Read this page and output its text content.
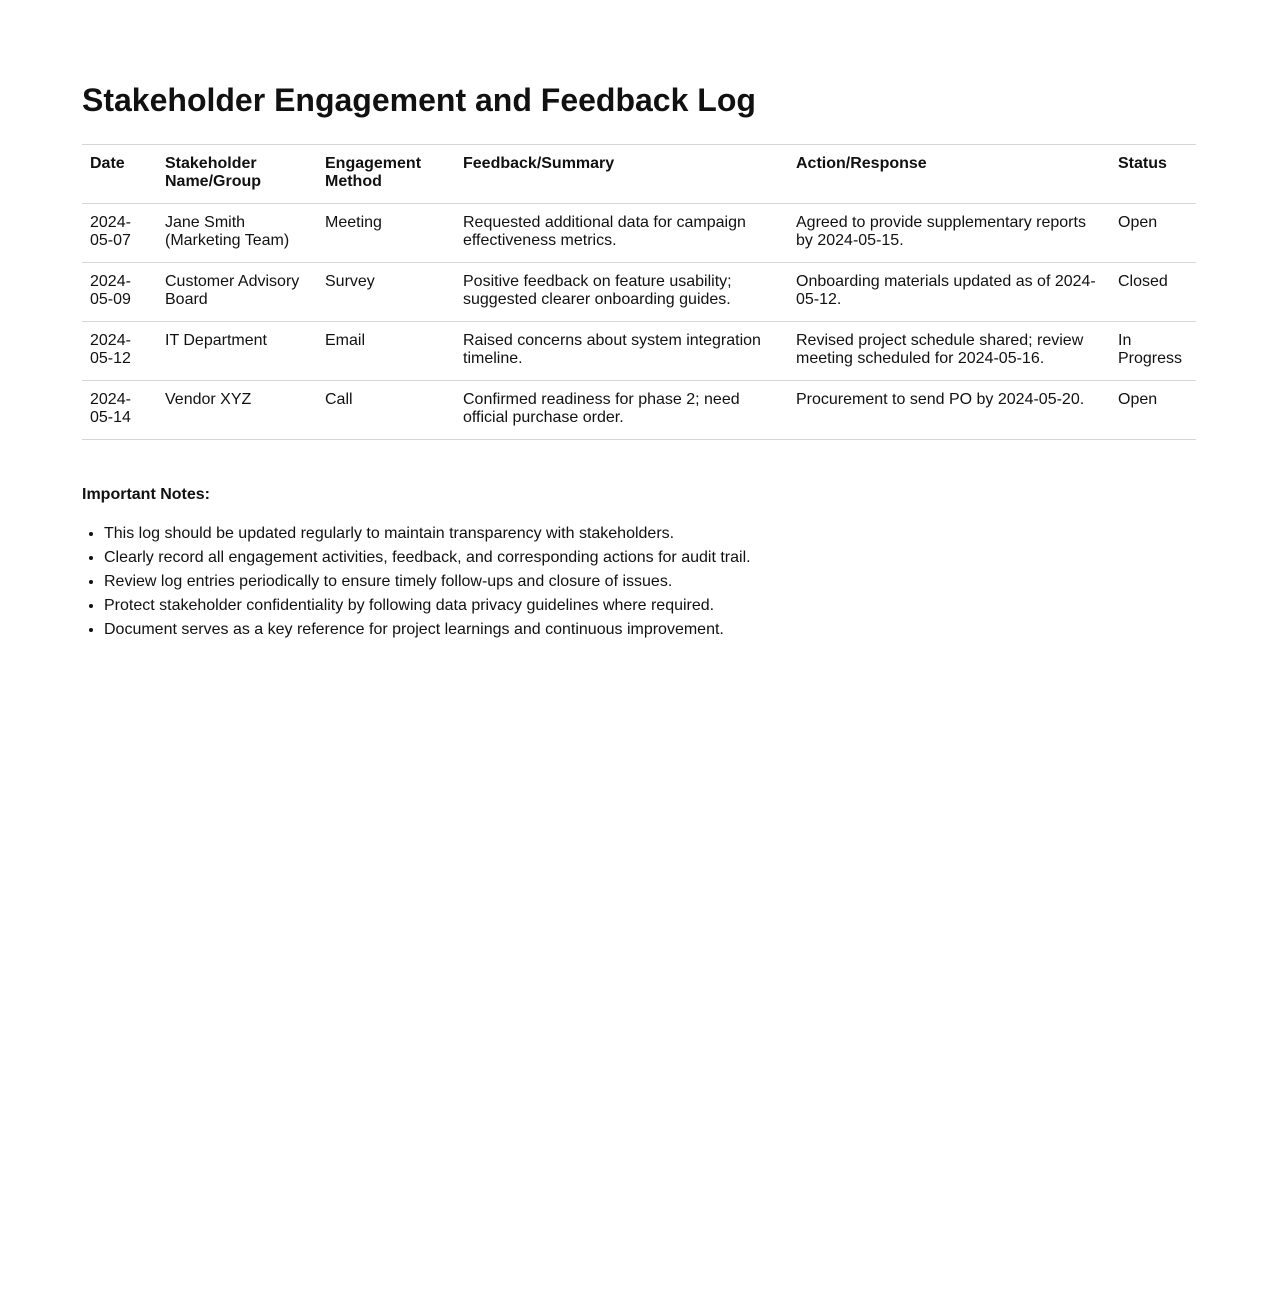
Stakeholder Engagement and Feedback Log
Date	Stakeholder Name/Group	Engagement Method	Feedback/Summary	Action/Response	Status
2024-05-07	Jane Smith (Marketing Team)	Meeting	Requested additional data for campaign effectiveness metrics.	Agreed to provide supplementary reports by 2024-05-15.	Open
2024-05-09	Customer Advisory Board	Survey	Positive feedback on feature usability; suggested clearer onboarding guides.	Onboarding materials updated as of 2024-05-12.	Closed
2024-05-12	IT Department	Email	Raised concerns about system integration timeline.	Revised project schedule shared; review meeting scheduled for 2024-05-16.	In Progress
2024-05-14	Vendor XYZ	Call	Confirmed readiness for phase 2; need official purchase order.	Procurement to send PO by 2024-05-20.	Open
Important Notes:
• This log should be updated regularly to maintain transparency with stakeholders.
• Clearly record all engagement activities, feedback, and corresponding actions for audit trail.
• Review log entries periodically to ensure timely follow-ups and closure of issues.
• Protect stakeholder confidentiality by following data privacy guidelines where required.
• Document serves as a key reference for project learnings and continuous improvement.
